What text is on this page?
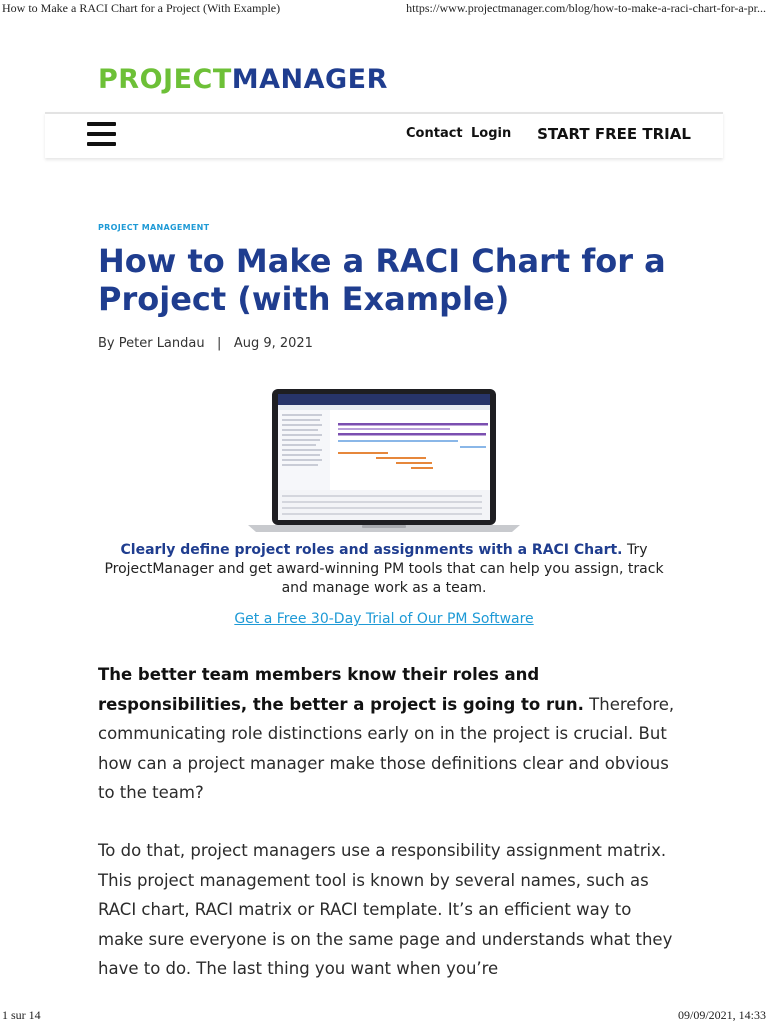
How to Make a RACI Chart for a Project (With Example)	https://www.projectmanager.com/blog/how-to-make-a-raci-chart-for-a-pr...
PROJECTMANAGER
Contact Login	START FREE TRIAL
PROJECT MANAGEMENT
How to Make a RACI Chart for a Project (with Example)
By Peter Landau | Aug 9, 2021
Clearly define project roles and assignments with a RACI Chart. Try ProjectManager and get award-winning PM tools that can help you assign, track and manage work as a team.
Get a Free 30-Day Trial of Our PM Software

The better team members know their roles and responsibilities, the better a project is going to run. Therefore, communicating role distinctions early on in the project is crucial. But how can a project manager make those definitions clear and obvious to the team?

To do that, project managers use a responsibility assignment matrix. This project management tool is known by several names, such as RACI chart, RACI matrix or RACI template. It’s an efficient way to make sure everyone is on the same page and understands what they have to do. The last thing you want when you’re

1 sur 14	09/09/2021, 14:33
